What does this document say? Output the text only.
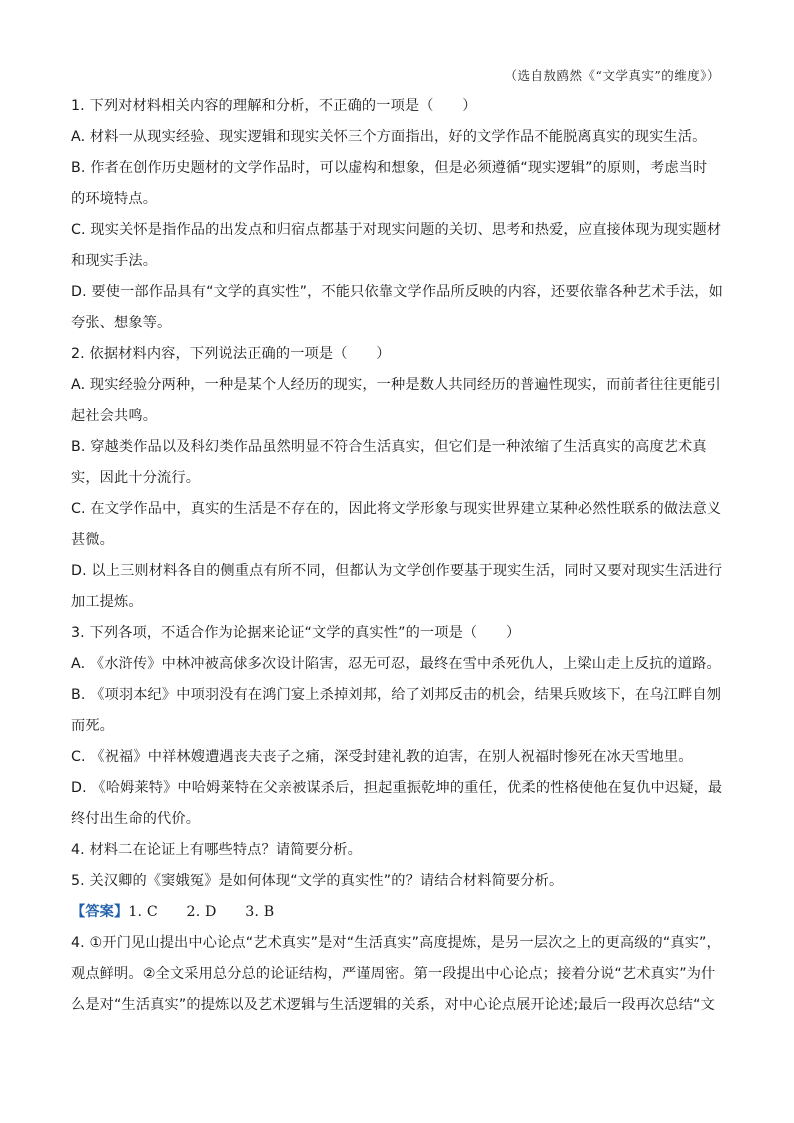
（选自敖鸥然《“文学真实”的维度》）
1. 下列对材料相关内容的理解和分析，不正确的一项是（　　）
A. 材料一从现实经验、现实逻辑和现实关怀三个方面指出，好的文学作品不能脱离真实的现实生活。
B. 作者在创作历史题材的文学作品时，可以虚构和想象，但是必须遵循“现实逻辑”的原则，考虑当时
的环境特点。
C. 现实关怀是指作品的出发点和归宿点都基于对现实问题的关切、思考和热爱，应直接体现为现实题材
和现实手法。
D. 要使一部作品具有“文学的真实性”，不能只依靠文学作品所反映的内容，还要依靠各种艺术手法，如
夸张、想象等。
2. 依据材料内容，下列说法正确的一项是（　　）
A. 现实经验分两种，一种是某个人经历的现实，一种是数人共同经历的普遍性现实，而前者往往更能引
起社会共鸣。
B. 穿越类作品以及科幻类作品虽然明显不符合生活真实，但它们是一种浓缩了生活真实的高度艺术真
实，因此十分流行。
C. 在文学作品中，真实的生活是不存在的，因此将文学形象与现实世界建立某种必然性联系的做法意义
甚微。
D. 以上三则材料各自的侧重点有所不同，但都认为文学创作要基于现实生活，同时又要对现实生活进行
加工提炼。
3. 下列各项，不适合作为论据来论证“文学的真实性”的一项是（　　）
A. 《水浒传》中林冲被高俅多次设计陷害，忍无可忍，最终在雪中杀死仇人，上梁山走上反抗的道路。
B. 《项羽本纪》中项羽没有在鸿门宴上杀掉刘邦，给了刘邦反击的机会，结果兵败垓下，在乌江畔自刎
而死。
C. 《祝福》中祥林嫂遭遇丧夫丧子之痛，深受封建礼教的迫害，在别人祝福时惨死在冰天雪地里。
D. 《哈姆莱特》中哈姆莱特在父亲被谋杀后，担起重振乾坤的重任，优柔的性格使他在复仇中迟疑，最
终付出生命的代价。
4. 材料二在论证上有哪些特点？请简要分析。
5. 关汉卿的《窦娥冤》是如何体现“文学的真实性”的？请结合材料简要分析。
【答案】1. C　　2. D　　3. B
4. ①开门见山提出中心论点“艺术真实”是对“生活真实”高度提炼，是另一层次之上的更高级的“真实”，
观点鲜明。②全文采用总分总的论证结构，严谨周密。第一段提出中心论点；接着分说“艺术真实”为什
么是对“生活真实”的提炼以及艺术逻辑与生活逻辑的关系，对中心论点展开论述;最后一段再次总结“文
